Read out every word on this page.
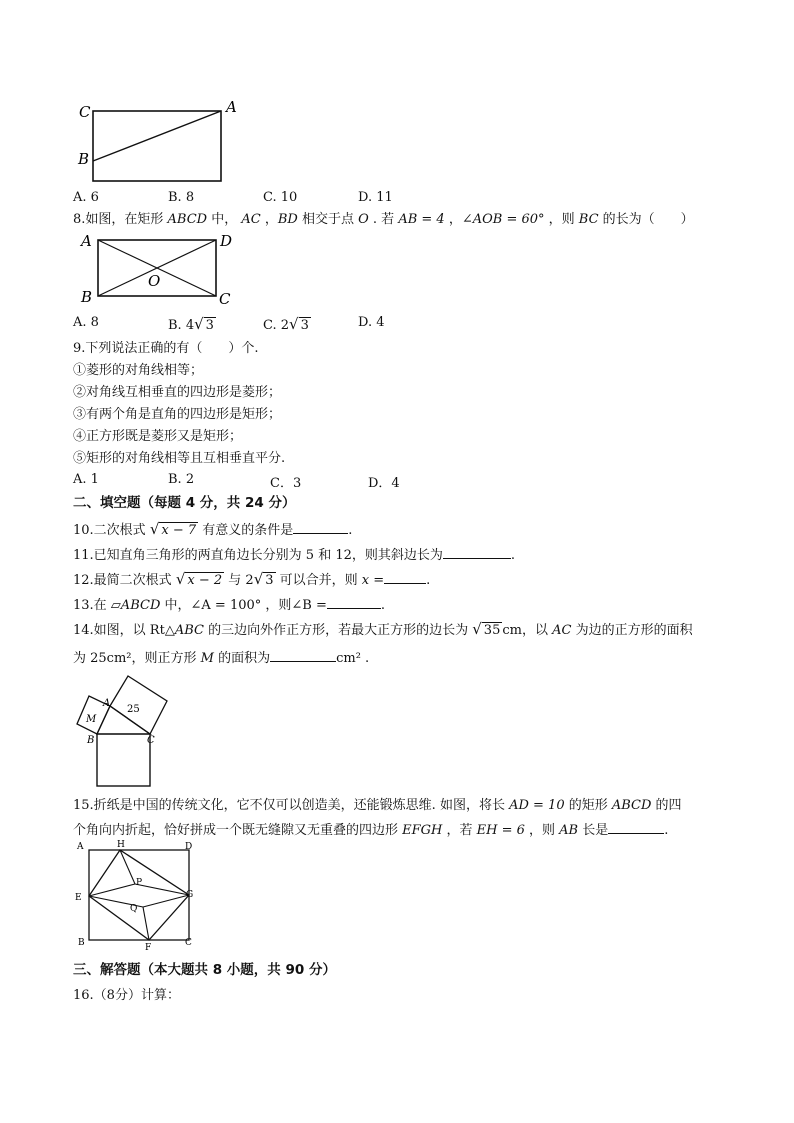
C	A
B
A. 6	B. 8	C. 10	D. 11
8.如图，在矩形 ABCD 中， AC ，BD 相交于点 O . 若 AB = 4 ，∠AOB = 60° ，则 BC 的长为（　　）
A	D
O
B	C
A. 8	B. 4√ 3	C. 2√ 3	D. 4
9.下列说法正确的有（　　）个.
①菱形的对角线相等；
②对角线互相垂直的四边形是菱形；
③有两个角是直角的四边形是矩形；
④正方形既是菱形又是矩形；
⑤矩形的对角线相等且互相垂直平分.
A. 1	B. 2	C．3	D．4
二、填空题（每题 4 分，共 24 分）
10.二次根式 √ x − 7 有意义的条件是	.
11.已知直角三角形的两直角边长分别为 5 和 12，则其斜边长为	.
12.最简二次根式 √ x − 2 与 2√ 3 可以合并，则 x =	.
13.在 ▱ABCD 中，∠A = 100° ，则∠B =	.
14.如图，以 Rt△ABC 的三边向外作正方形，若最大正方形的边长为 √ 35 cm，以 AC 为边的正方形的面积
为 25cm²，则正方形 M 的面积为	cm² .
M
A
25
B	C
15.折纸是中国的传统文化，它不仅可以创造美，还能锻炼思维. 如图，将长 AD = 10 的矩形 ABCD 的四
个角向内折起，恰好拼成一个既无缝隙又无重叠的四边形 EFGH ，若 EH = 6 ，则 AB 长是	.
A	H	D
E
P
G
Q
B	F	C
三、解答题（本大题共 8 小题，共 90 分）
16.（8分）计算：
